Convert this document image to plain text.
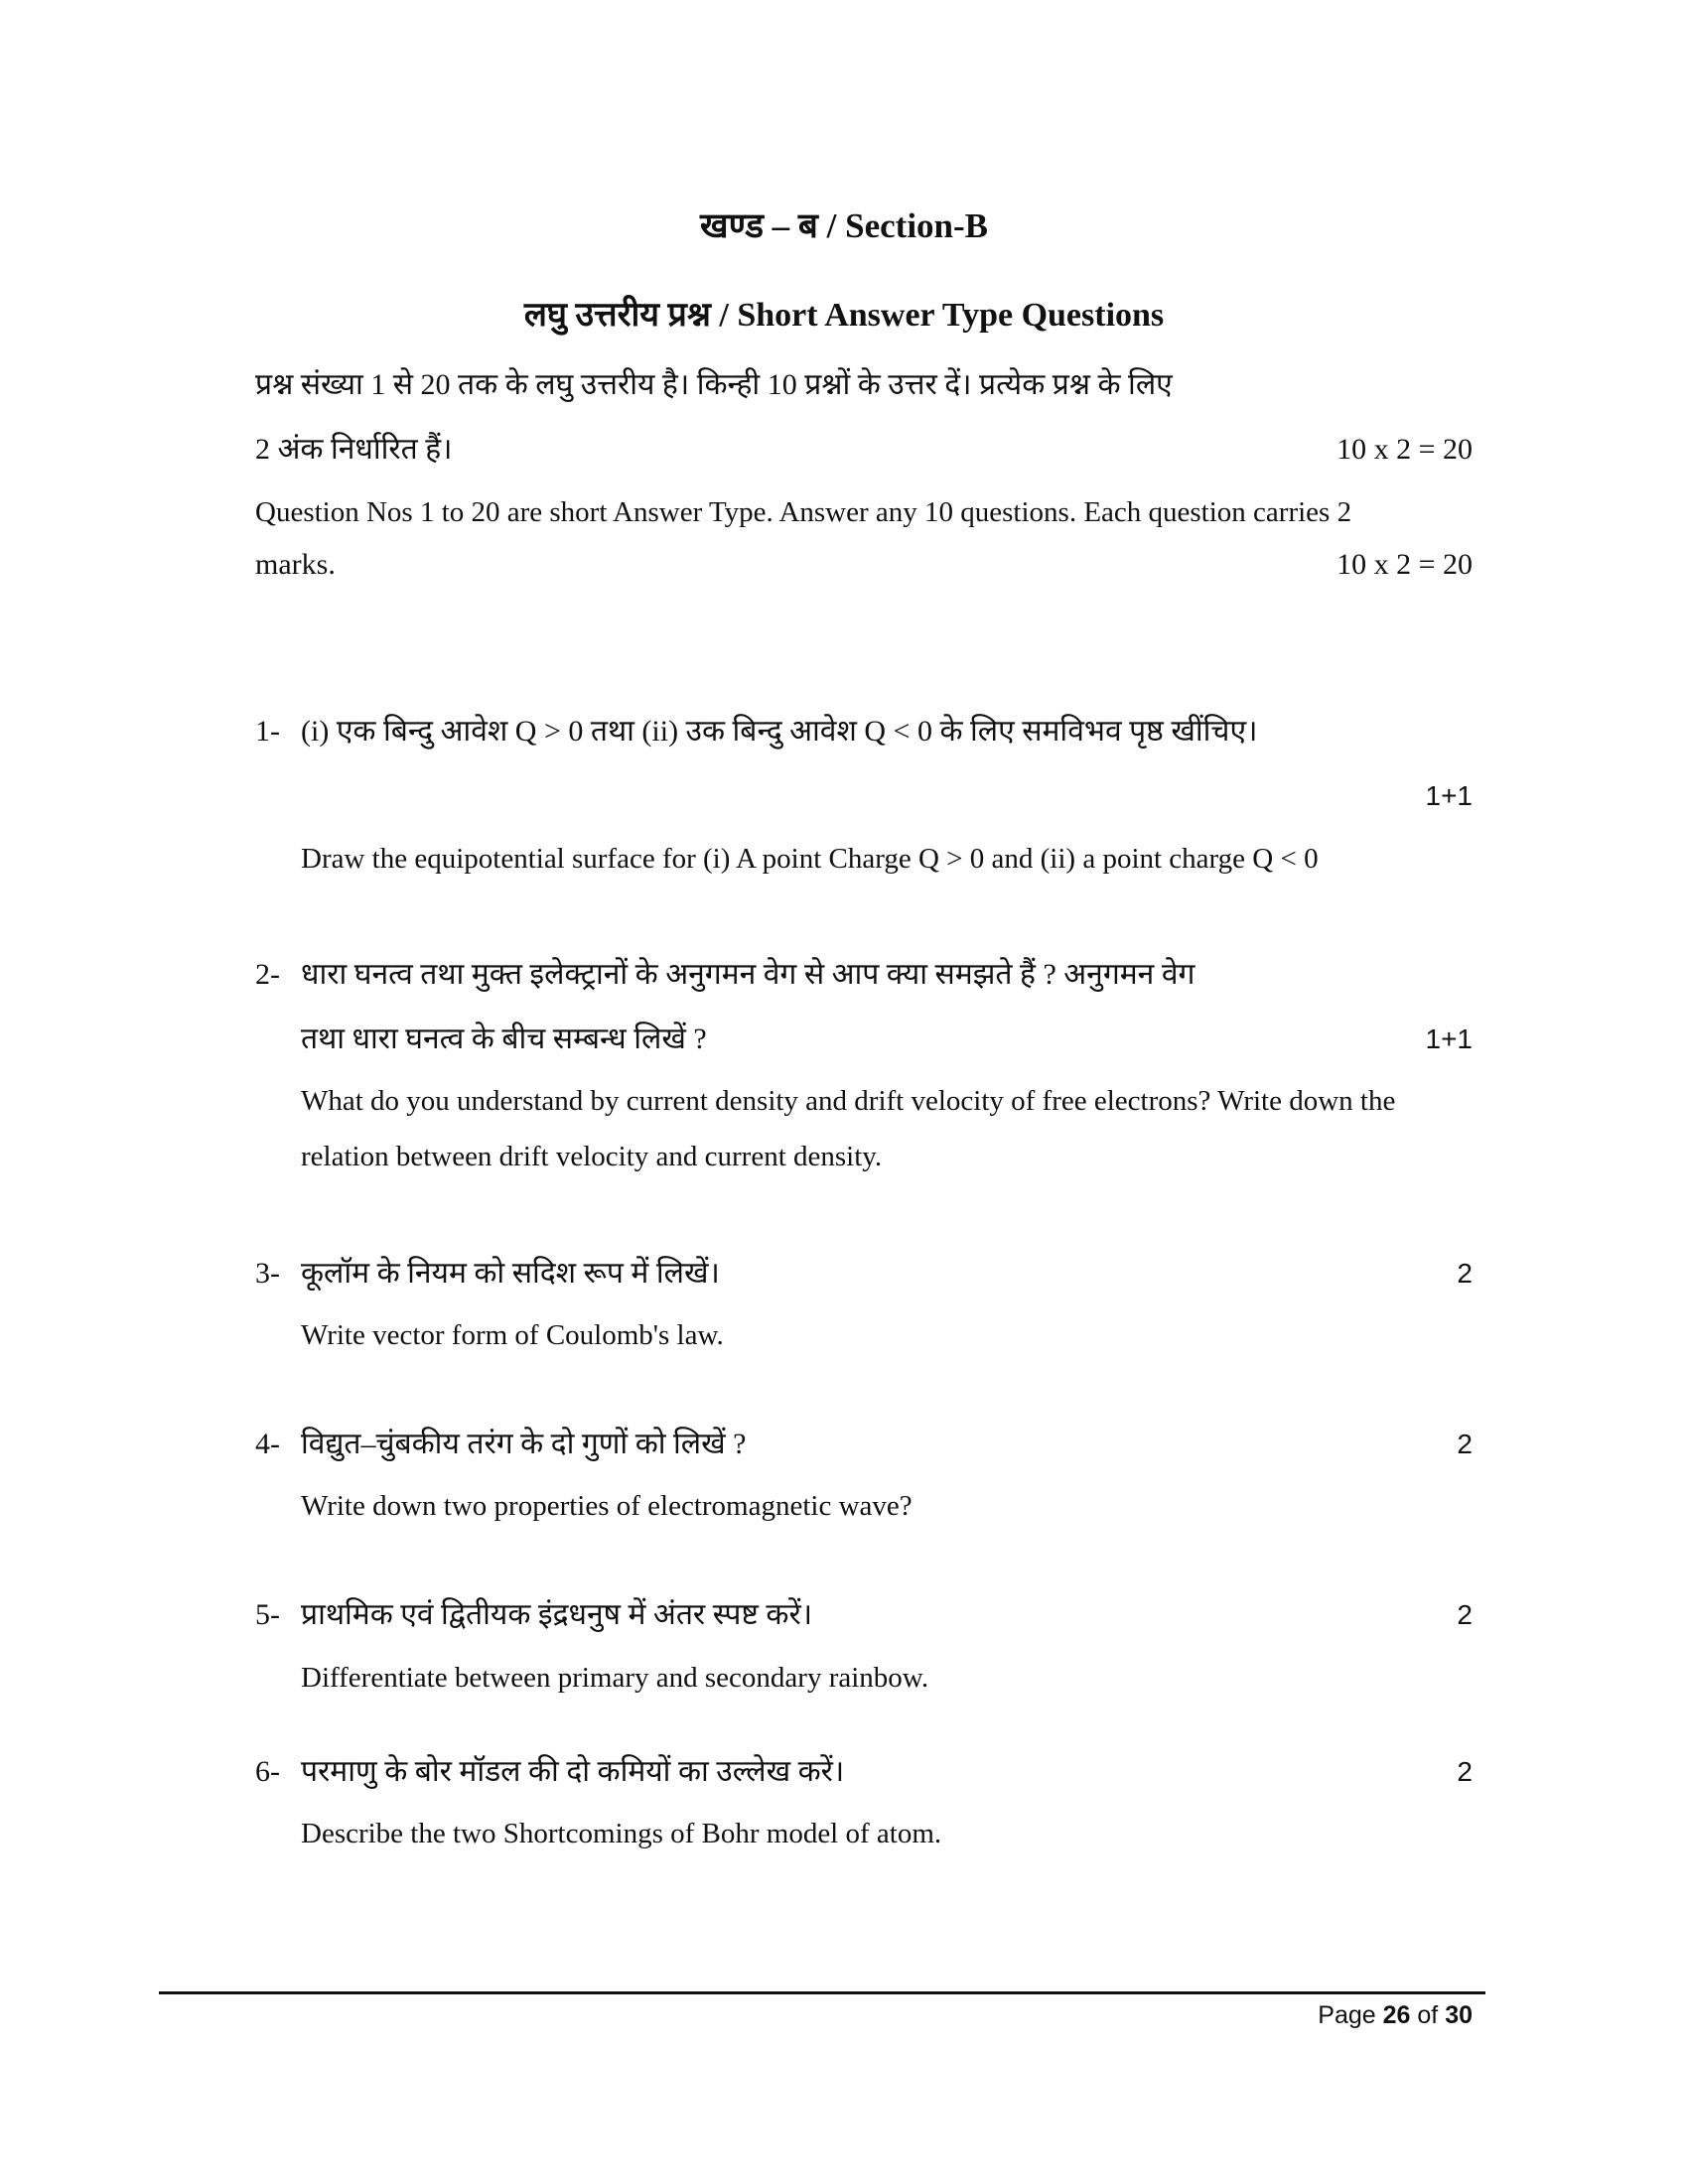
खण्ड – ब / Section-B
लघु उत्तरीय प्रश्न / Short Answer Type Questions
प्रश्न संख्या 1 से 20 तक के लघु उत्तरीय है। किन्ही 10 प्रश्नों के उत्तर दें। प्रत्येक प्रश्न के लिए
2 अंक निर्धारित हैं।	10 x 2 = 20
Question Nos 1 to 20 are short Answer Type. Answer any 10 questions. Each question carries 2
marks.	10 x 2 = 20
1- (i) एक बिन्दु आवेश Q > 0 तथा (ii) उक बिन्दु आवेश Q < 0 के लिए समविभव पृष्ठ खींचिए।
1+1
Draw the equipotential surface for (i) A point Charge Q > 0 and (ii) a point charge Q < 0
2- धारा घनत्व तथा मुक्त इलेक्ट्रानों के अनुगमन वेग से आप क्या समझते हैं ? अनुगमन वेग
तथा धारा घनत्व के बीच सम्बन्ध लिखें ?	1+1
What do you understand by current density and drift velocity of free electrons? Write down the
relation between drift velocity and current density.
3- कूलॉम के नियम को सदिश रूप में लिखें।	2
Write vector form of Coulomb's law.
4- विद्युत–चुंबकीय तरंग के दो गुणों को लिखें ?	2
Write down two properties of electromagnetic wave?
5- प्राथमिक एवं द्वितीयक इंद्रधनुष में अंतर स्पष्ट करें।	2
Differentiate between primary and secondary rainbow.
6- परमाणु के बोर मॉडल की दो कमियों का उल्लेख करें।	2
Describe the two Shortcomings of Bohr model of atom.
Page 26 of 30
